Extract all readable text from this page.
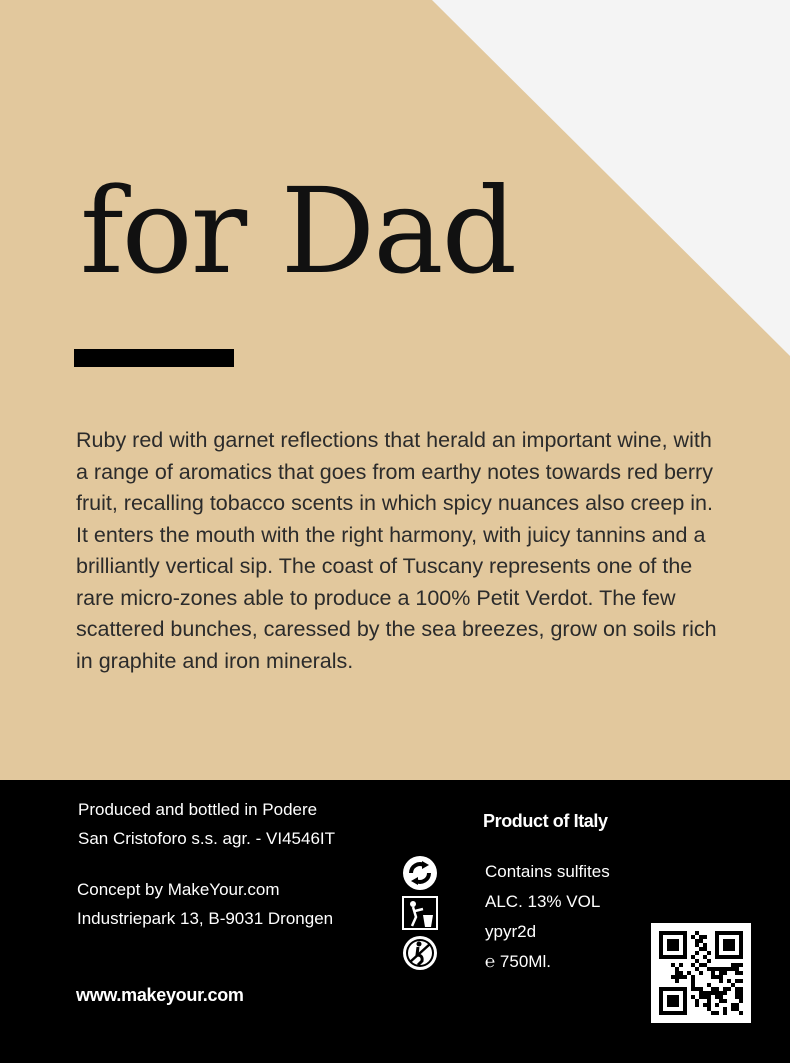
for Dad

Ruby red with garnet reflections that herald an important wine, with a range of aromatics that goes from earthy notes towards red berry fruit, recalling tobacco scents in which spicy nuances also creep in. It enters the mouth with the right harmony, with juicy tannins and a brilliantly vertical sip. The coast of Tuscany represents one of the rare micro-zones able to produce a 100% Petit Verdot. The few scattered bunches, caressed by the sea breezes, grow on soils rich in graphite and iron minerals.

Produced and bottled in Podere San Cristoforo s.s. agr. - VI4546IT

Concept by MakeYour.com Industriepark 13, B-9031 Drongen

www.makeyour.com

Product of Italy

Contains sulfites
ALC. 13% VOL
ypyr2d
℮ 750Ml.
